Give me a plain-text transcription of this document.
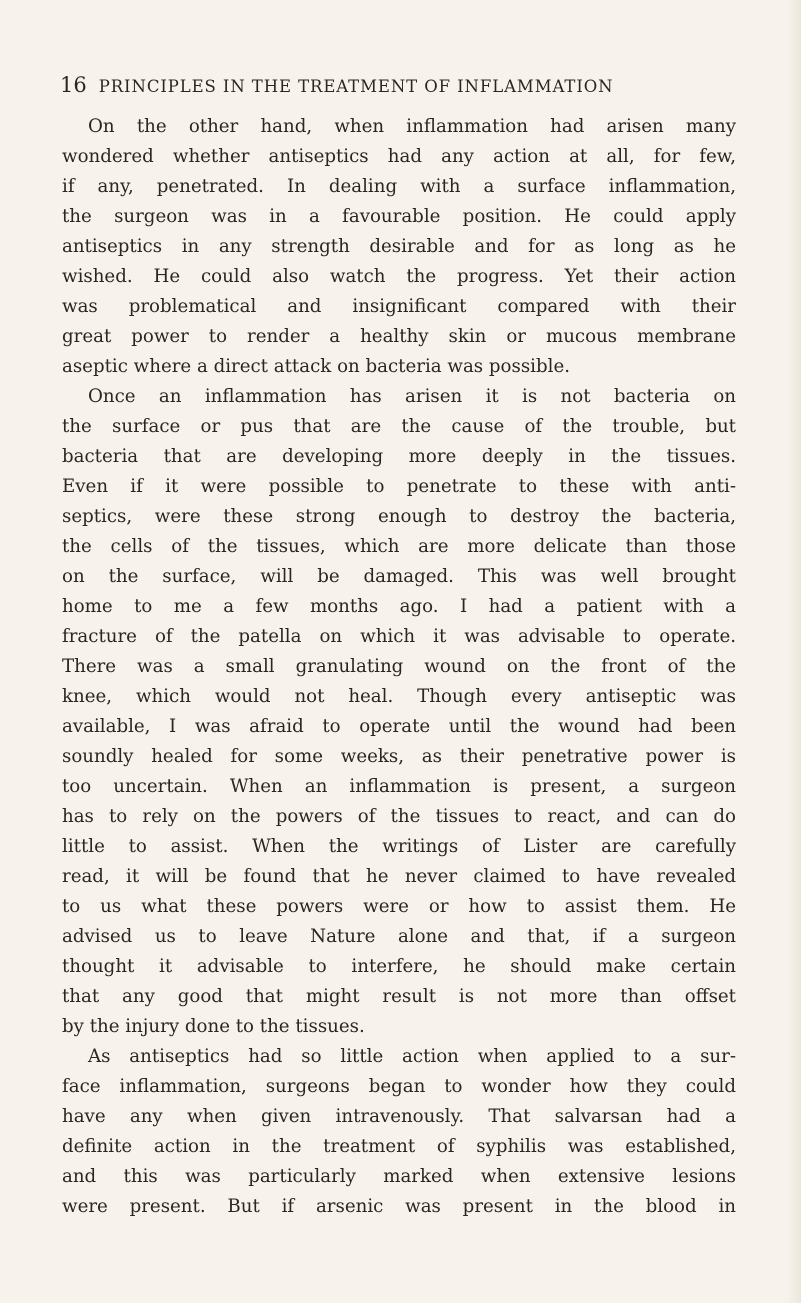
16 PRINCIPLES IN THE TREATMENT OF INFLAMMATION
On the other hand, when inflammation had arisen many
wondered whether antiseptics had any action at all, for few,
if any, penetrated. In dealing with a surface inflammation,
the surgeon was in a favourable position. He could apply
antiseptics in any strength desirable and for as long as he
wished. He could also watch the progress. Yet their action
was problematical and insignificant compared with their
great power to render a healthy skin or mucous membrane
aseptic where a direct attack on bacteria was possible.
Once an inflammation has arisen it is not bacteria on
the surface or pus that are the cause of the trouble, but
bacteria that are developing more deeply in the tissues.
Even if it were possible to penetrate to these with anti-
septics, were these strong enough to destroy the bacteria,
the cells of the tissues, which are more delicate than those
on the surface, will be damaged. This was well brought
home to me a few months ago. I had a patient with a
fracture of the patella on which it was advisable to operate.
There was a small granulating wound on the front of the
knee, which would not heal. Though every antiseptic was
available, I was afraid to operate until the wound had been
soundly healed for some weeks, as their penetrative power is
too uncertain. When an inflammation is present, a surgeon
has to rely on the powers of the tissues to react, and can do
little to assist. When the writings of Lister are carefully
read, it will be found that he never claimed to have revealed
to us what these powers were or how to assist them. He
advised us to leave Nature alone and that, if a surgeon
thought it advisable to interfere, he should make certain
that any good that might result is not more than offset
by the injury done to the tissues.
As antiseptics had so little action when applied to a sur-
face inflammation, surgeons began to wonder how they could
have any when given intravenously. That salvarsan had a
definite action in the treatment of syphilis was established,
and this was particularly marked when extensive lesions
were present. But if arsenic was present in the blood in
